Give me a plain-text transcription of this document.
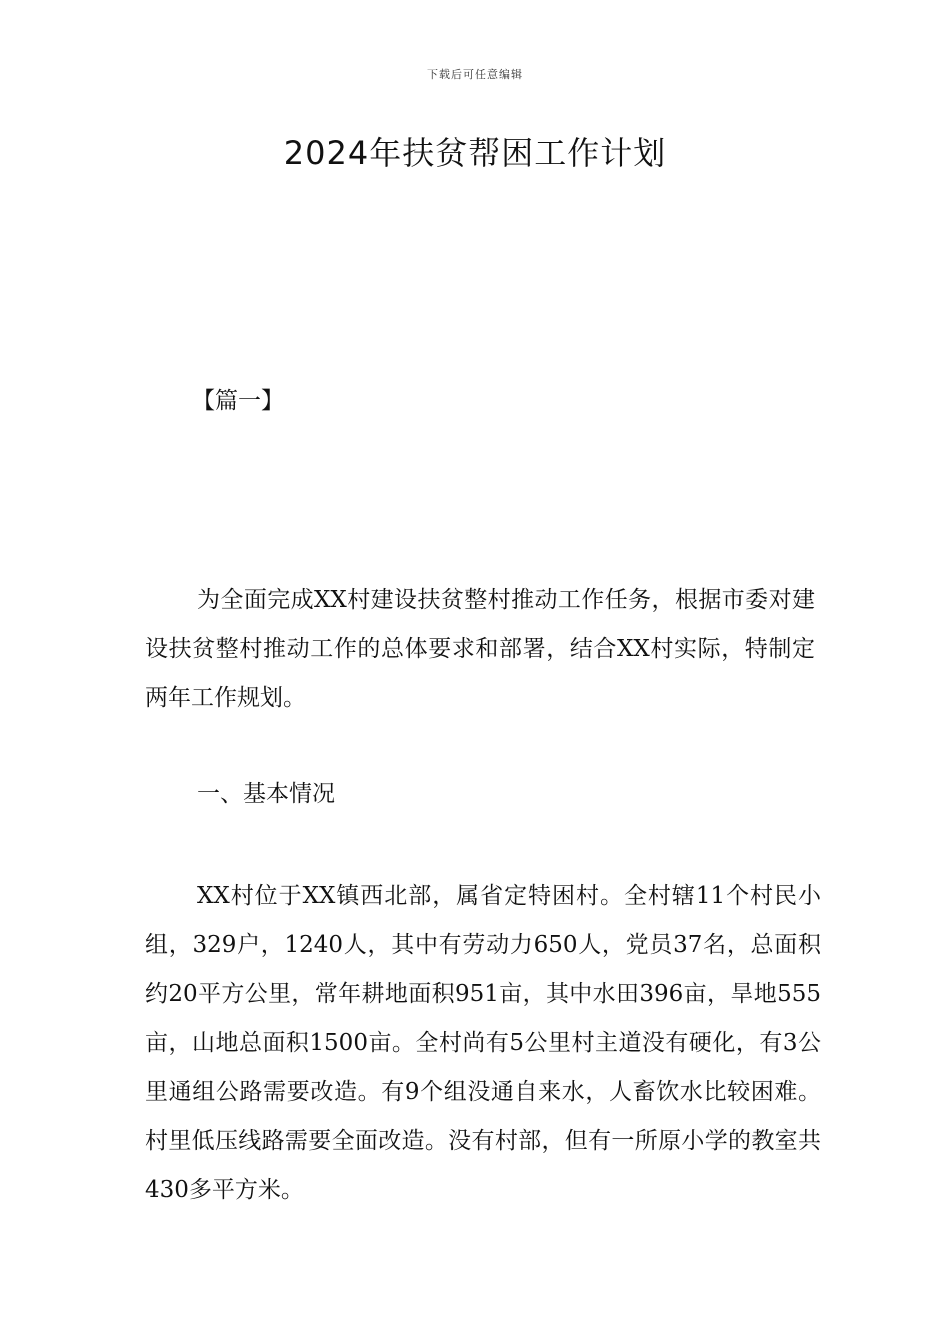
下载后可任意编辑
2024年扶贫帮困工作计划
【篇一】

为全面完成XX村建设扶贫整村推动工作任务，根据市委对建设扶贫整村推动工作的总体要求和部署，结合XX村实际，特制定两年工作规划。

一、基本情况

XX村位于XX镇西北部，属省定特困村。全村辖11个村民小组，329户，1240人，其中有劳动力650人，党员37名，总面积约20平方公里，常年耕地面积951亩，其中水田396亩，旱地555亩，山地总面积1500亩。全村尚有5公里村主道没有硬化，有3公里通组公路需要改造。有9个组没通自来水，人畜饮水比较困难。村里低压线路需要全面改造。没有村部，但有一所原小学的教室共430多平方米。
